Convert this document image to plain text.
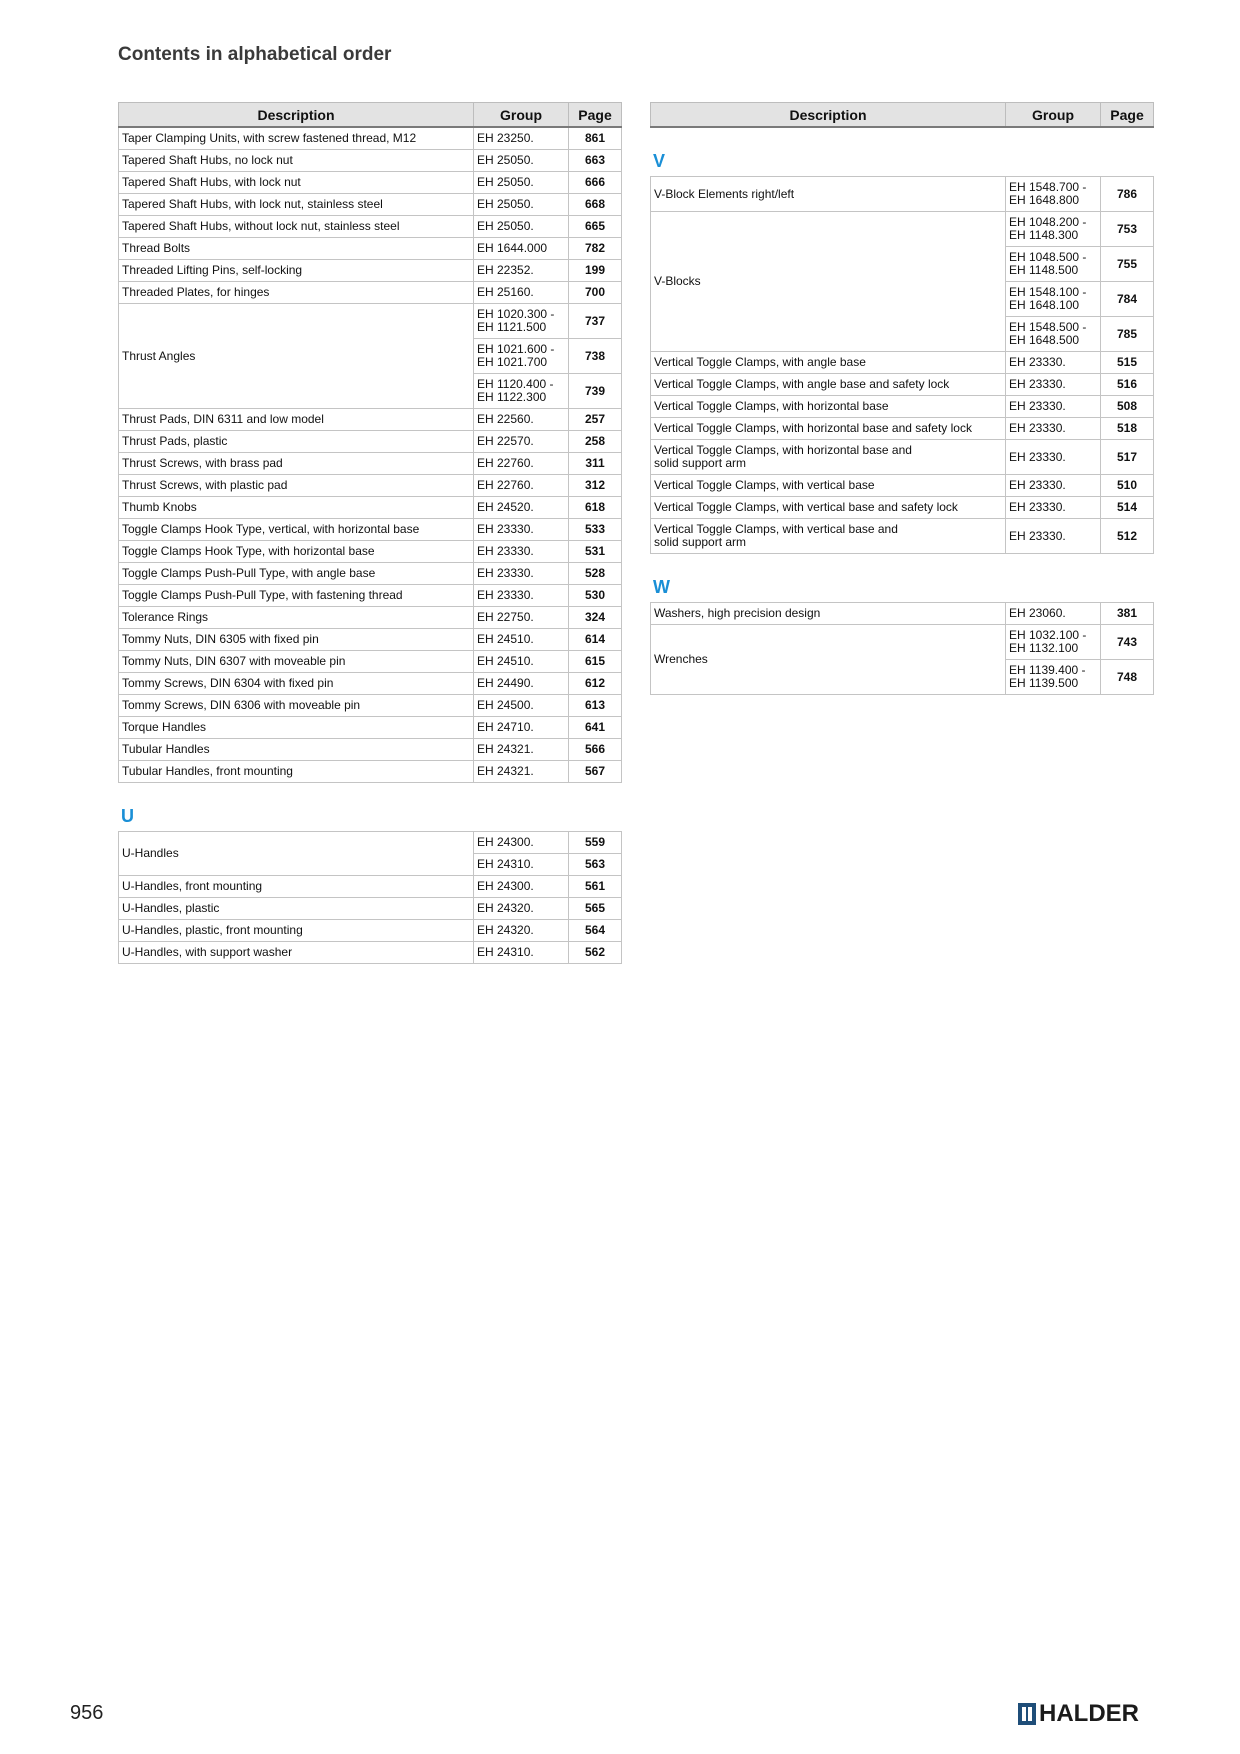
Contents in alphabetical order
Description	Group	Page
Taper Clamping Units, with screw fastened thread, M12	EH 23250.	861
Tapered Shaft Hubs, no lock nut	EH 25050.	663
Tapered Shaft Hubs, with lock nut	EH 25050.	666
Tapered Shaft Hubs, with lock nut, stainless steel	EH 25050.	668
Tapered Shaft Hubs, without lock nut, stainless steel	EH 25050.	665
Thread Bolts	EH 1644.000	782
Threaded Lifting Pins, self-locking	EH 22352.	199
Threaded Plates, for hinges	EH 25160.	700
Thrust Angles	EH 1020.300 -
EH 1121.500	737
	EH 1021.600 -
EH 1021.700	738
	EH 1120.400 -
EH 1122.300	739
Thrust Pads, DIN 6311 and low model	EH 22560.	257
Thrust Pads, plastic	EH 22570.	258
Thrust Screws, with brass pad	EH 22760.	311
Thrust Screws, with plastic pad	EH 22760.	312
Thumb Knobs	EH 24520.	618
Toggle Clamps Hook Type, vertical, with horizontal base	EH 23330.	533
Toggle Clamps Hook Type, with horizontal base	EH 23330.	531
Toggle Clamps Push-Pull Type, with angle base	EH 23330.	528
Toggle Clamps Push-Pull Type, with fastening thread	EH 23330.	530
Tolerance Rings	EH 22750.	324
Tommy Nuts, DIN 6305 with fixed pin	EH 24510.	614
Tommy Nuts, DIN 6307 with moveable pin	EH 24510.	615
Tommy Screws, DIN 6304 with fixed pin	EH 24490.	612
Tommy Screws, DIN 6306 with moveable pin	EH 24500.	613
Torque Handles	EH 24710.	641
Tubular Handles	EH 24321.	566
Tubular Handles, front mounting	EH 24321.	567
U
U-Handles	EH 24300.	559
	EH 24310.	563
U-Handles, front mounting	EH 24300.	561
U-Handles, plastic	EH 24320.	565
U-Handles, plastic, front mounting	EH 24320.	564
U-Handles, with support washer	EH 24310.	562
Description	Group	Page
V
V-Block Elements right/left	EH 1548.700 -
EH 1648.800	786
V-Blocks	EH 1048.200 -
EH 1148.300	753
	EH 1048.500 -
EH 1148.500	755
	EH 1548.100 -
EH 1648.100	784
	EH 1548.500 -
EH 1648.500	785
Vertical Toggle Clamps, with angle base	EH 23330.	515
Vertical Toggle Clamps, with angle base and safety lock	EH 23330.	516
Vertical Toggle Clamps, with horizontal base	EH 23330.	508
Vertical Toggle Clamps, with horizontal base and safety lock	EH 23330.	518
Vertical Toggle Clamps, with horizontal base and
solid support arm	EH 23330.	517
Vertical Toggle Clamps, with vertical base	EH 23330.	510
Vertical Toggle Clamps, with vertical base and safety lock	EH 23330.	514
Vertical Toggle Clamps, with vertical base and
solid support arm	EH 23330.	512
W
Washers, high precision design	EH 23060.	381
Wrenches	EH 1032.100 -
EH 1132.100	743
	EH 1139.400 -
EH 1139.500	748
956	HALDER
